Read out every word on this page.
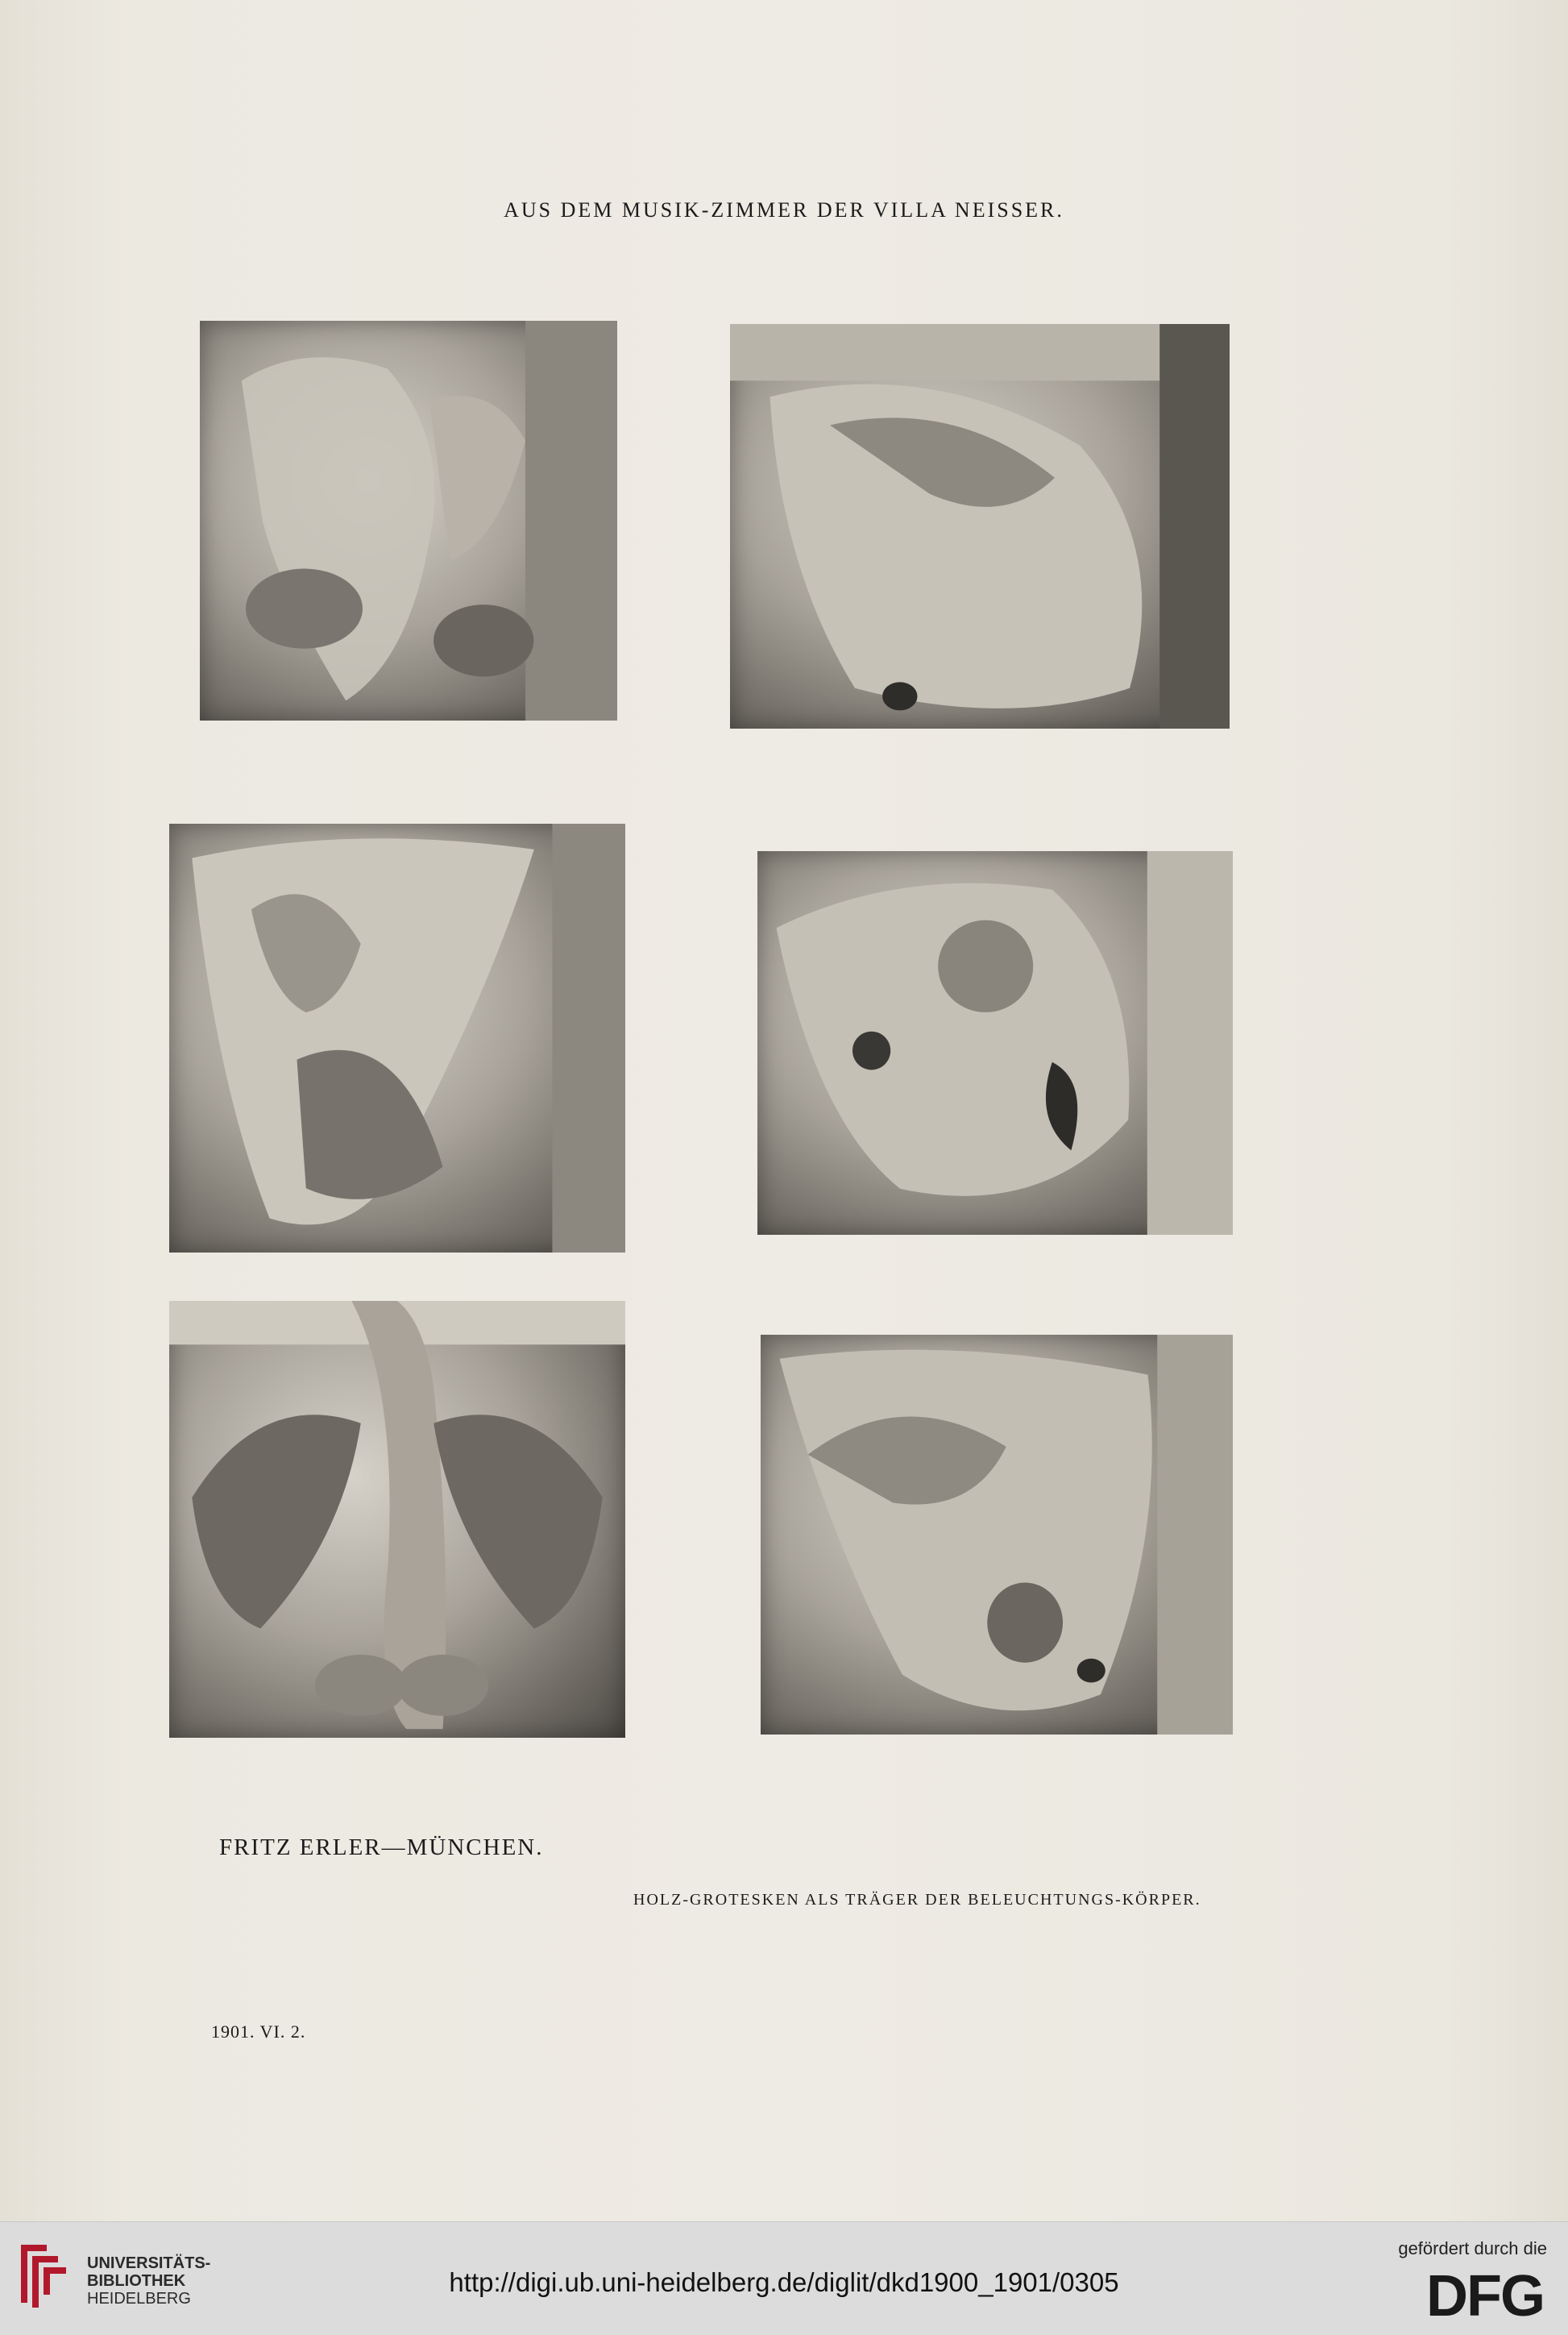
AUS DEM MUSIK-ZIMMER DER VILLA NEISSER.
FRITZ ERLER—MÜNCHEN.
HOLZ-GROTESKEN ALS TRÄGER DER BELEUCHTUNGS-KÖRPER.
1901. VI. 2.
UNIVERSITÄTS-
BIBLIOTHEK
HEIDELBERG
http://digi.ub.uni-heidelberg.de/diglit/dkd1900_1901/0305
gefördert durch die
DFG
